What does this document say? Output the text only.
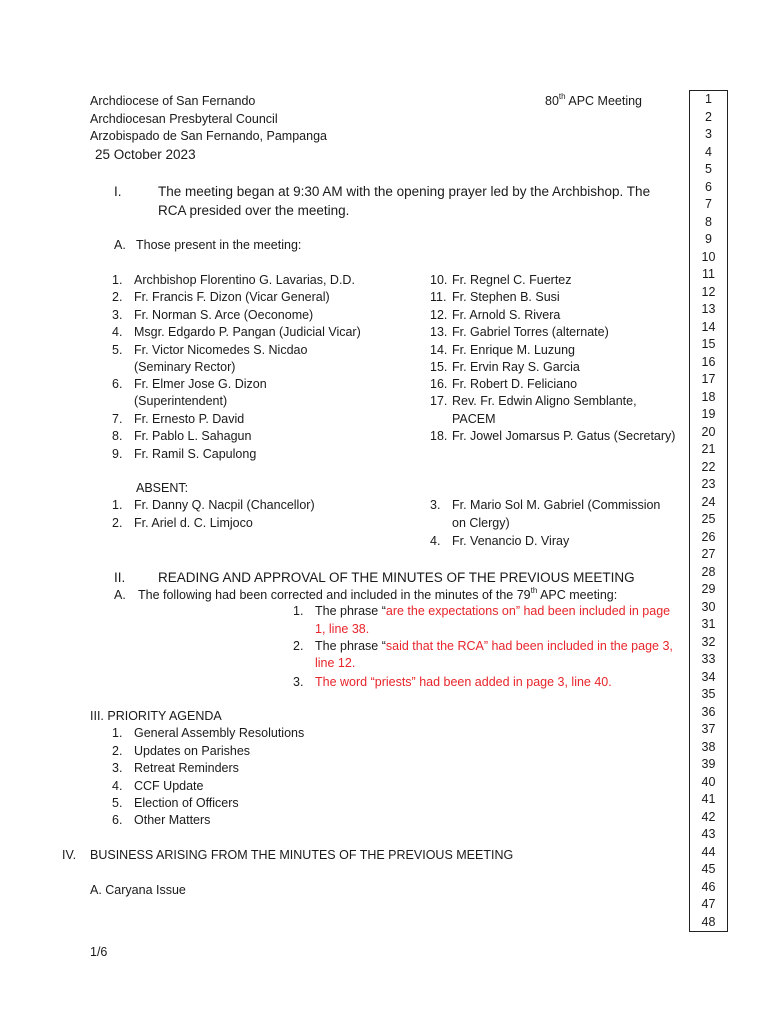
Archdiocese of San Fernando
Archdiocesan Presbyteral Council
Arzobispado de San Fernando, Pampanga
25 October 2023
80th APC Meeting
I.	The meeting began at 9:30 AM with the opening prayer led by the Archbishop. The
RCA presided over the meeting.
A. Those present in the meeting:
1. Archbishop Florentino G. Lavarias, D.D.
2. Fr. Francis F. Dizon (Vicar General)
3. Fr. Norman S. Arce (Oeconome)
4. Msgr. Edgardo P. Pangan (Judicial Vicar)
5. Fr. Victor Nicomedes S. Nicdao
(Seminary Rector)
6. Fr. Elmer Jose G. Dizon
(Superintendent)
7. Fr. Ernesto P. David
8. Fr. Pablo L. Sahagun
9. Fr. Ramil S. Capulong
10. Fr. Regnel C. Fuertez
11. Fr. Stephen B. Susi
12. Fr. Arnold S. Rivera
13. Fr. Gabriel Torres (alternate)
14. Fr. Enrique M. Luzung
15. Fr. Ervin Ray S. Garcia
16. Fr. Robert D. Feliciano
17. Rev. Fr. Edwin Aligno Semblante,
PACEM
18. Fr. Jowel Jomarsus P. Gatus (Secretary)
ABSENT:
1. Fr. Danny Q. Nacpil (Chancellor)
2. Fr. Ariel d. C. Limjoco
3. Fr. Mario Sol M. Gabriel (Commission
on Clergy)
4. Fr. Venancio D. Viray
II. READING AND APPROVAL OF THE MINUTES OF THE PREVIOUS MEETING
A. The following had been corrected and included in the minutes of the 79th APC meeting:
1. The phrase “are the expectations on” had been included in page
1, line 38.
2. The phrase “said that the RCA” had been included in the page 3,
line 12.
3. The word “priests” had been added in page 3, line 40.
III. PRIORITY AGENDA
1. General Assembly Resolutions
2. Updates on Parishes
3. Retreat Reminders
4. CCF Update
5. Election of Officers
6. Other Matters
IV. BUSINESS ARISING FROM THE MINUTES OF THE PREVIOUS MEETING
A. Caryana Issue
1/6
1
2
3
4
5
6
7
8
9
10
11
12
13
14
15
16
17
18
19
20
21
22
23
24
25
26
27
28
29
30
31
32
33
34
35
36
37
38
39
40
41
42
43
44
45
46
47
48
